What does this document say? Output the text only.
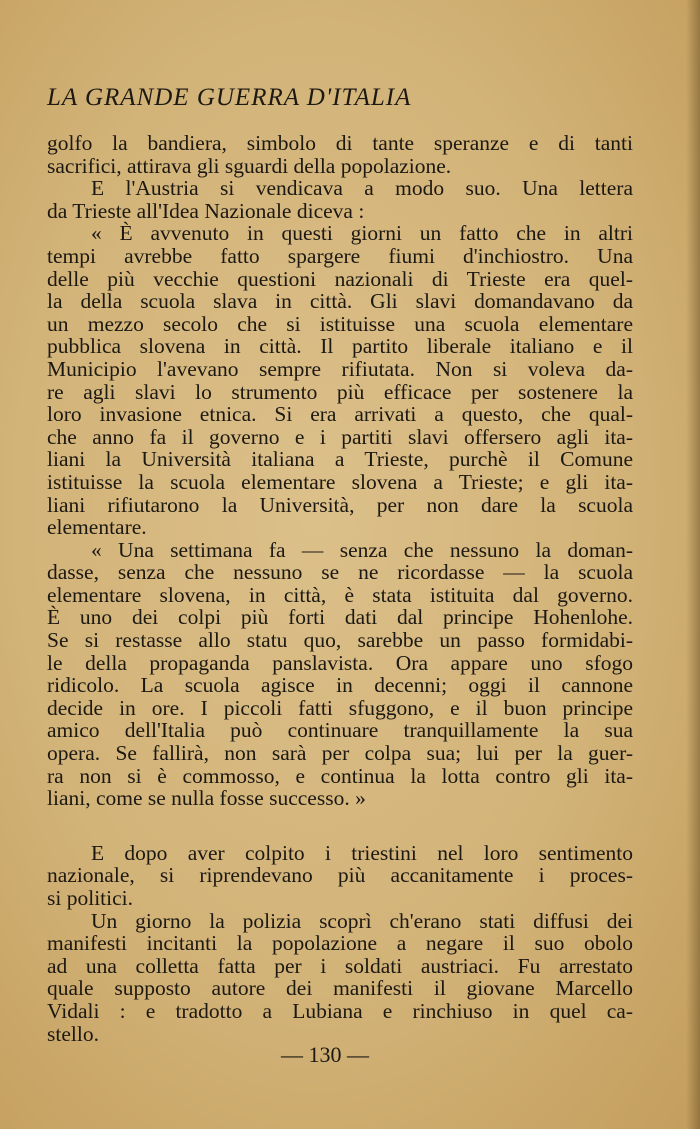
LA GRANDE GUERRA D'ITALIA
golfo la bandiera, simbolo di tante speranze e di tanti
sacrifici, attirava gli sguardi della popolazione.
E l'Austria si vendicava a modo suo. Una lettera
da Trieste all'Idea Nazionale diceva :
« È avvenuto in questi giorni un fatto che in altri
tempi avrebbe fatto spargere fiumi d'inchiostro. Una
delle più vecchie questioni nazionali di Trieste era quel-
la della scuola slava in città. Gli slavi domandavano da
un mezzo secolo che si istituisse una scuola elementare
pubblica slovena in città. Il partito liberale italiano e il
Municipio l'avevano sempre rifiutata. Non si voleva da-
re agli slavi lo strumento più efficace per sostenere la
loro invasione etnica. Si era arrivati a questo, che qual-
che anno fa il governo e i partiti slavi offersero agli ita-
liani la Università italiana a Trieste, purchè il Comune
istituisse la scuola elementare slovena a Trieste; e gli ita-
liani rifiutarono la Università, per non dare la scuola
elementare.
« Una settimana fa — senza che nessuno la doman-
dasse, senza che nessuno se ne ricordasse — la scuola
elementare slovena, in città, è stata istituita dal governo.
È uno dei colpi più forti dati dal principe Hohenlohe.
Se si restasse allo statu quo, sarebbe un passo formidabi-
le della propaganda panslavista. Ora appare uno sfogo
ridicolo. La scuola agisce in decenni; oggi il cannone
decide in ore. I piccoli fatti sfuggono, e il buon principe
amico dell'Italia può continuare tranquillamente la sua
opera. Se fallirà, non sarà per colpa sua; lui per la guer-
ra non si è commosso, e continua la lotta contro gli ita-
liani, come se nulla fosse successo. »
E dopo aver colpito i triestini nel loro sentimento
nazionale, si riprendevano più accanitamente i proces-
si politici.
Un giorno la polizia scoprì ch'erano stati diffusi dei
manifesti incitanti la popolazione a negare il suo obolo
ad una colletta fatta per i soldati austriaci. Fu arrestato
quale supposto autore dei manifesti il giovane Marcello
Vidali : e tradotto a Lubiana e rinchiuso in quel ca-
stello.
— 130 —
